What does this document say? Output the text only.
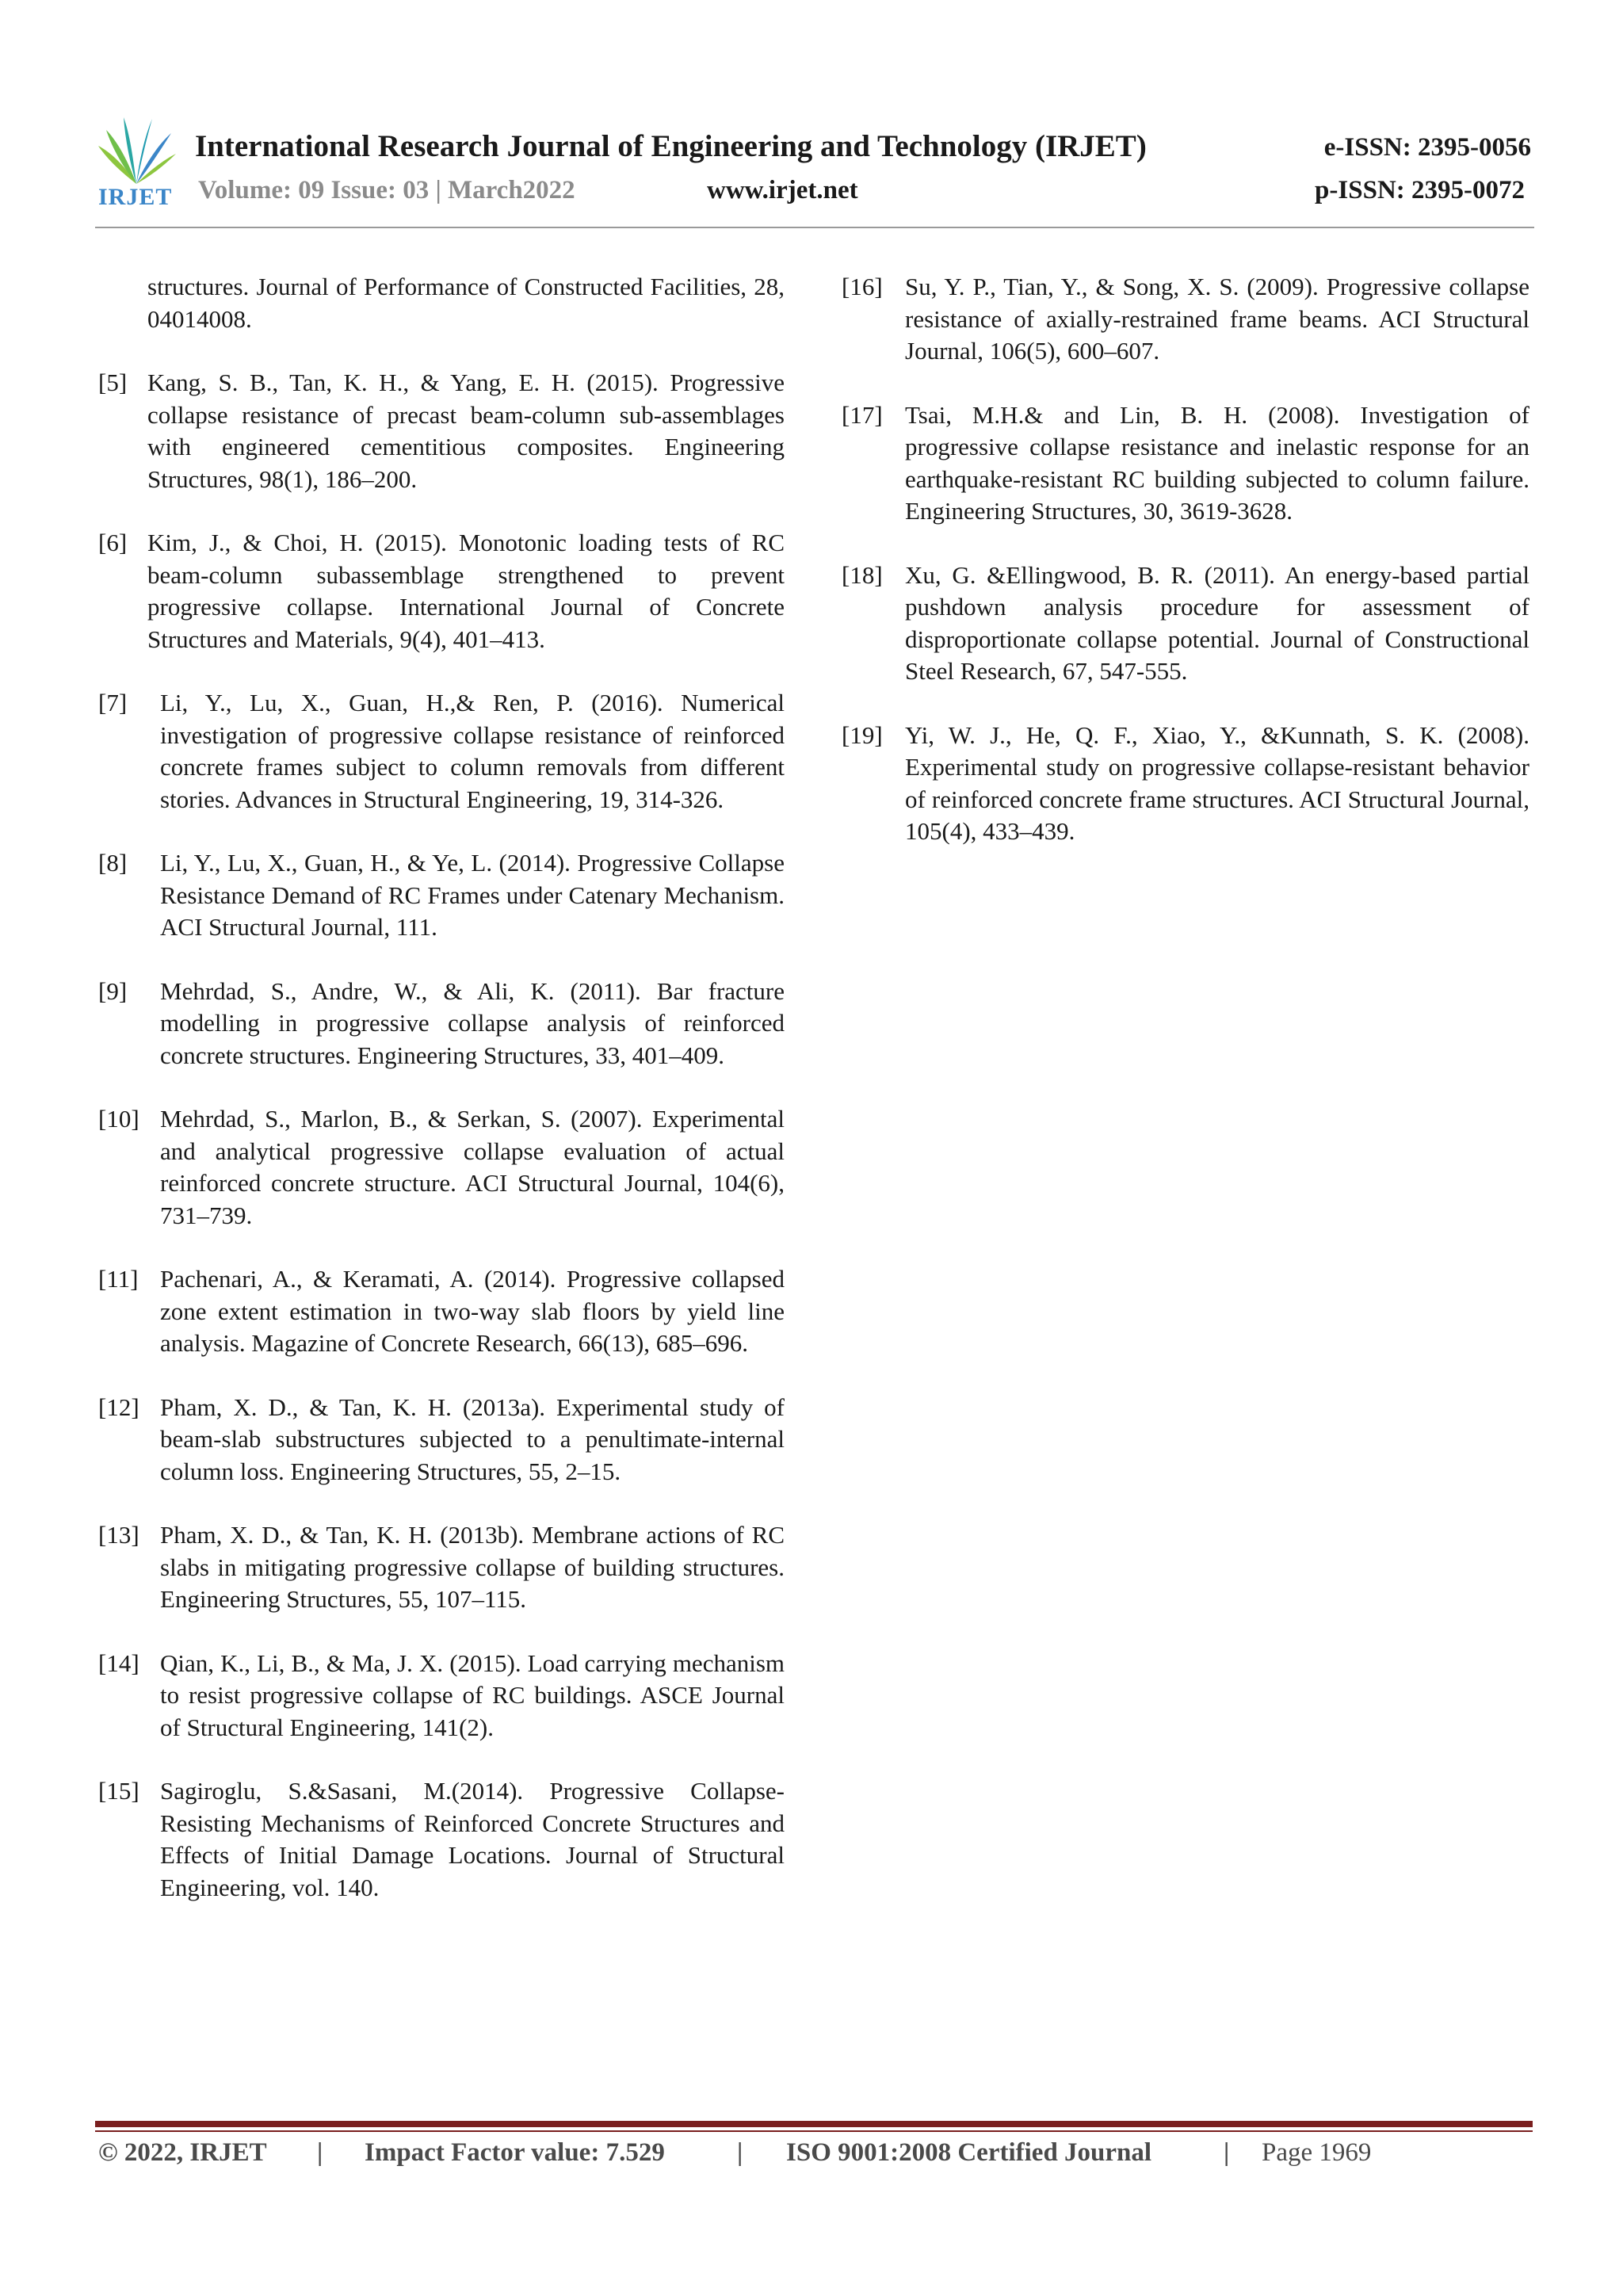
IRJET
International Research Journal of Engineering and Technology (IRJET)	e-ISSN: 2395-0056
Volume: 09 Issue: 03 | March2022	www.irjet.net	p-ISSN: 2395-0072
structures. Journal of Performance of Constructed Facilities, 28, 04014008.
[5] Kang, S. B., Tan, K. H., & Yang, E. H. (2015). Progressive collapse resistance of precast beam-column sub-assemblages with engineered cementitious composites. Engineering Structures, 98(1), 186–200.
[6] Kim, J., & Choi, H. (2015). Monotonic loading tests of RC beam-column subassemblage strengthened to prevent progressive collapse. International Journal of Concrete Structures and Materials, 9(4), 401–413.
[7] Li, Y., Lu, X., Guan, H.,& Ren, P. (2016). Numerical investigation of progressive collapse resistance of reinforced concrete frames subject to column removals from different stories. Advances in Structural Engineering, 19, 314-326.
[8] Li, Y., Lu, X., Guan, H., & Ye, L. (2014). Progressive Collapse Resistance Demand of RC Frames under Catenary Mechanism. ACI Structural Journal, 111.
[9] Mehrdad, S., Andre, W., & Ali, K. (2011). Bar fracture modelling in progressive collapse analysis of reinforced concrete structures. Engineering Structures, 33, 401–409.
[10] Mehrdad, S., Marlon, B., & Serkan, S. (2007). Experimental and analytical progressive collapse evaluation of actual reinforced concrete structure. ACI Structural Journal, 104(6), 731–739.
[11] Pachenari, A., & Keramati, A. (2014). Progressive collapsed zone extent estimation in two-way slab floors by yield line analysis. Magazine of Concrete Research, 66(13), 685–696.
[12] Pham, X. D., & Tan, K. H. (2013a). Experimental study of beam-slab substructures subjected to a penultimate-internal column loss. Engineering Structures, 55, 2–15.
[13] Pham, X. D., & Tan, K. H. (2013b). Membrane actions of RC slabs in mitigating progressive collapse of building structures. Engineering Structures, 55, 107–115.
[14] Qian, K., Li, B., & Ma, J. X. (2015). Load carrying mechanism to resist progressive collapse of RC buildings. ASCE Journal of Structural Engineering, 141(2).
[15] Sagiroglu, S.&Sasani, M.(2014). Progressive Collapse-Resisting Mechanisms of Reinforced Concrete Structures and Effects of Initial Damage Locations. Journal of Structural Engineering, vol. 140.
[16] Su, Y. P., Tian, Y., & Song, X. S. (2009). Progressive collapse resistance of axially-restrained frame beams. ACI Structural Journal, 106(5), 600–607.
[17] Tsai, M.H.& and Lin, B. H. (2008). Investigation of progressive collapse resistance and inelastic response for an earthquake-resistant RC building subjected to column failure. Engineering Structures, 30, 3619-3628.
[18] Xu, G. &Ellingwood, B. R. (2011). An energy-based partial pushdown analysis procedure for assessment of disproportionate collapse potential. Journal of Constructional Steel Research, 67, 547-555.
[19] Yi, W. J., He, Q. F., Xiao, Y., &Kunnath, S. K. (2008). Experimental study on progressive collapse-resistant behavior of reinforced concrete frame structures. ACI Structural Journal, 105(4), 433–439.
© 2022, IRJET | Impact Factor value: 7.529	| ISO 9001:2008 Certified Journal	| Page 1969
